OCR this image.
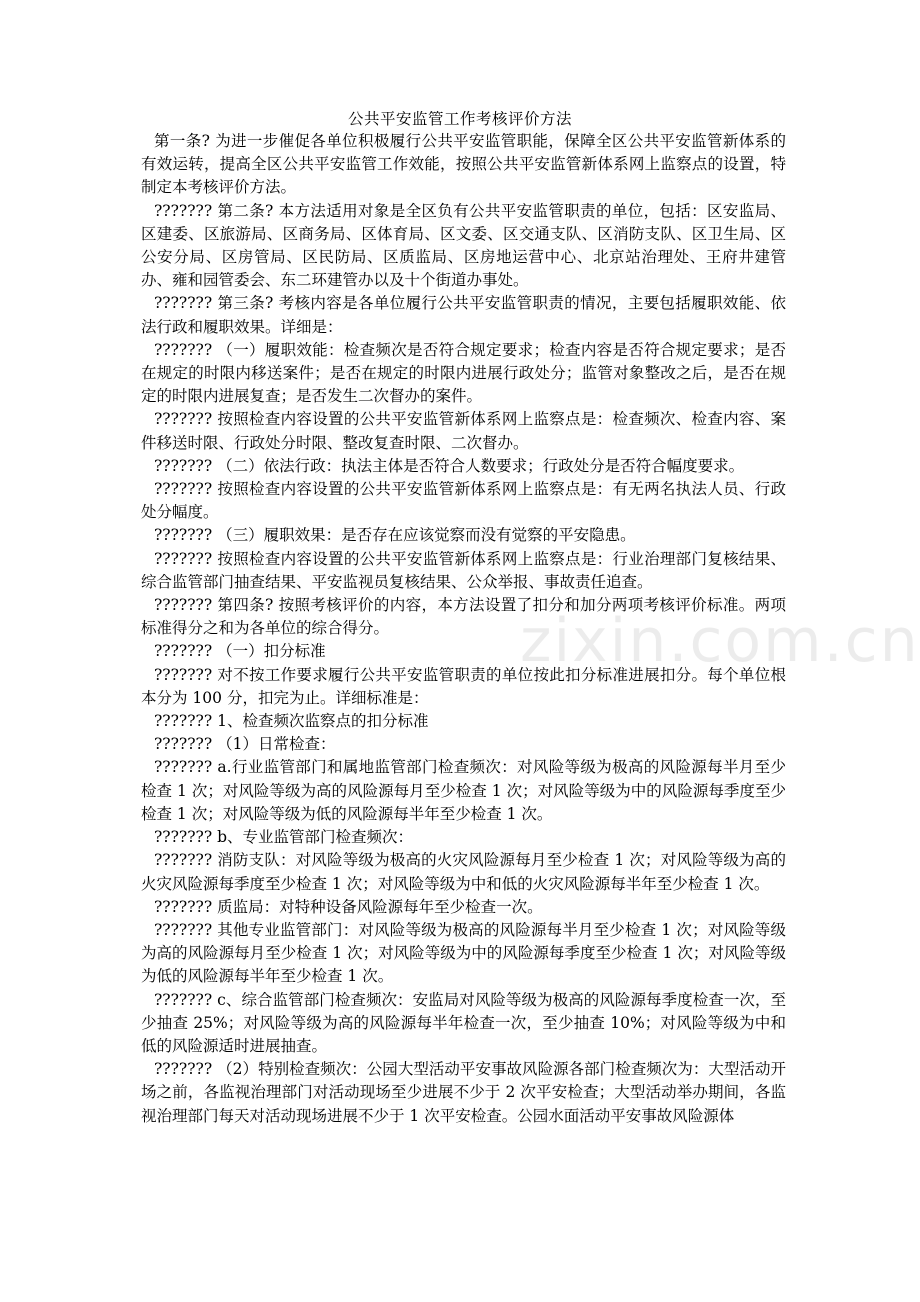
公共平安监管工作考核评价方法

第一条? 为进一步催促各单位积极履行公共平安监管职能，保障全区公共平安监管新体系的有效运转，提高全区公共平安监管工作效能，按照公共平安监管新体系网上监察点的设置，特制定本考核评价方法。

??????? 第二条? 本方法适用对象是全区负有公共平安监管职责的单位，包括：区安监局、区建委、区旅游局、区商务局、区体育局、区文委、区交通支队、区消防支队、区卫生局、区公安分局、区房管局、区民防局、区质监局、区房地运营中心、北京站治理处、王府井建管办、雍和园管委会、东二环建管办以及十个街道办事处。

??????? 第三条? 考核内容是各单位履行公共平安监管职责的情况，主要包括履职效能、依法行政和履职效果。详细是：

??????? （一）履职效能：检查频次是否符合规定要求；检查内容是否符合规定要求；是否在规定的时限内移送案件；是否在规定的时限内进展行政处分；监管对象整改之后，是否在规定的时限内进展复查；是否发生二次督办的案件。

??????? 按照检查内容设置的公共平安监管新体系网上监察点是：检查频次、检查内容、案件移送时限、行政处分时限、整改复查时限、二次督办。

??????? （二）依法行政：执法主体是否符合人数要求；行政处分是否符合幅度要求。

??????? 按照检查内容设置的公共平安监管新体系网上监察点是：有无两名执法人员、行政处分幅度。

??????? （三）履职效果：是否存在应该觉察而没有觉察的平安隐患。

??????? 按照检查内容设置的公共平安监管新体系网上监察点是：行业治理部门复核结果、综合监管部门抽查结果、平安监视员复核结果、公众举报、事故责任追查。

??????? 第四条? 按照考核评价的内容，本方法设置了扣分和加分两项考核评价标准。两项标准得分之和为各单位的综合得分。

??????? （一）扣分标准

??????? 对不按工作要求履行公共平安监管职责的单位按此扣分标准进展扣分。每个单位根本分为 100 分，扣完为止。详细标准是：

??????? 1、检查频次监察点的扣分标准

??????? （1）日常检查：

??????? a.行业监管部门和属地监管部门检查频次：对风险等级为极高的风险源每半月至少检查 1 次；对风险等级为高的风险源每月至少检查 1 次；对风险等级为中的风险源每季度至少检查 1 次；对风险等级为低的风险源每半年至少检查 1 次。

??????? b、专业监管部门检查频次：

??????? 消防支队：对风险等级为极高的火灾风险源每月至少检查 1 次；对风险等级为高的火灾风险源每季度至少检查 1 次；对风险等级为中和低的火灾风险源每半年至少检查 1 次。

??????? 质监局：对特种设备风险源每年至少检查一次。

??????? 其他专业监管部门：对风险等级为极高的风险源每半月至少检查 1 次；对风险等级为高的风险源每月至少检查 1 次；对风险等级为中的风险源每季度至少检查 1 次；对风险等级为低的风险源每半年至少检查 1 次。

??????? c、综合监管部门检查频次：安监局对风险等级为极高的风险源每季度检查一次，至少抽查 25%；对风险等级为高的风险源每半年检查一次，至少抽查 10%；对风险等级为中和低的风险源适时进展抽查。

??????? （2）特别检查频次：公园大型活动平安事故风险源各部门检查频次为：大型活动开场之前，各监视治理部门对活动现场至少进展不少于 2 次平安检查；大型活动举办期间，各监视治理部门每天对活动现场进展不少于 1 次平安检查。公园水面活动平安事故风险源体

zixin.com.cn
